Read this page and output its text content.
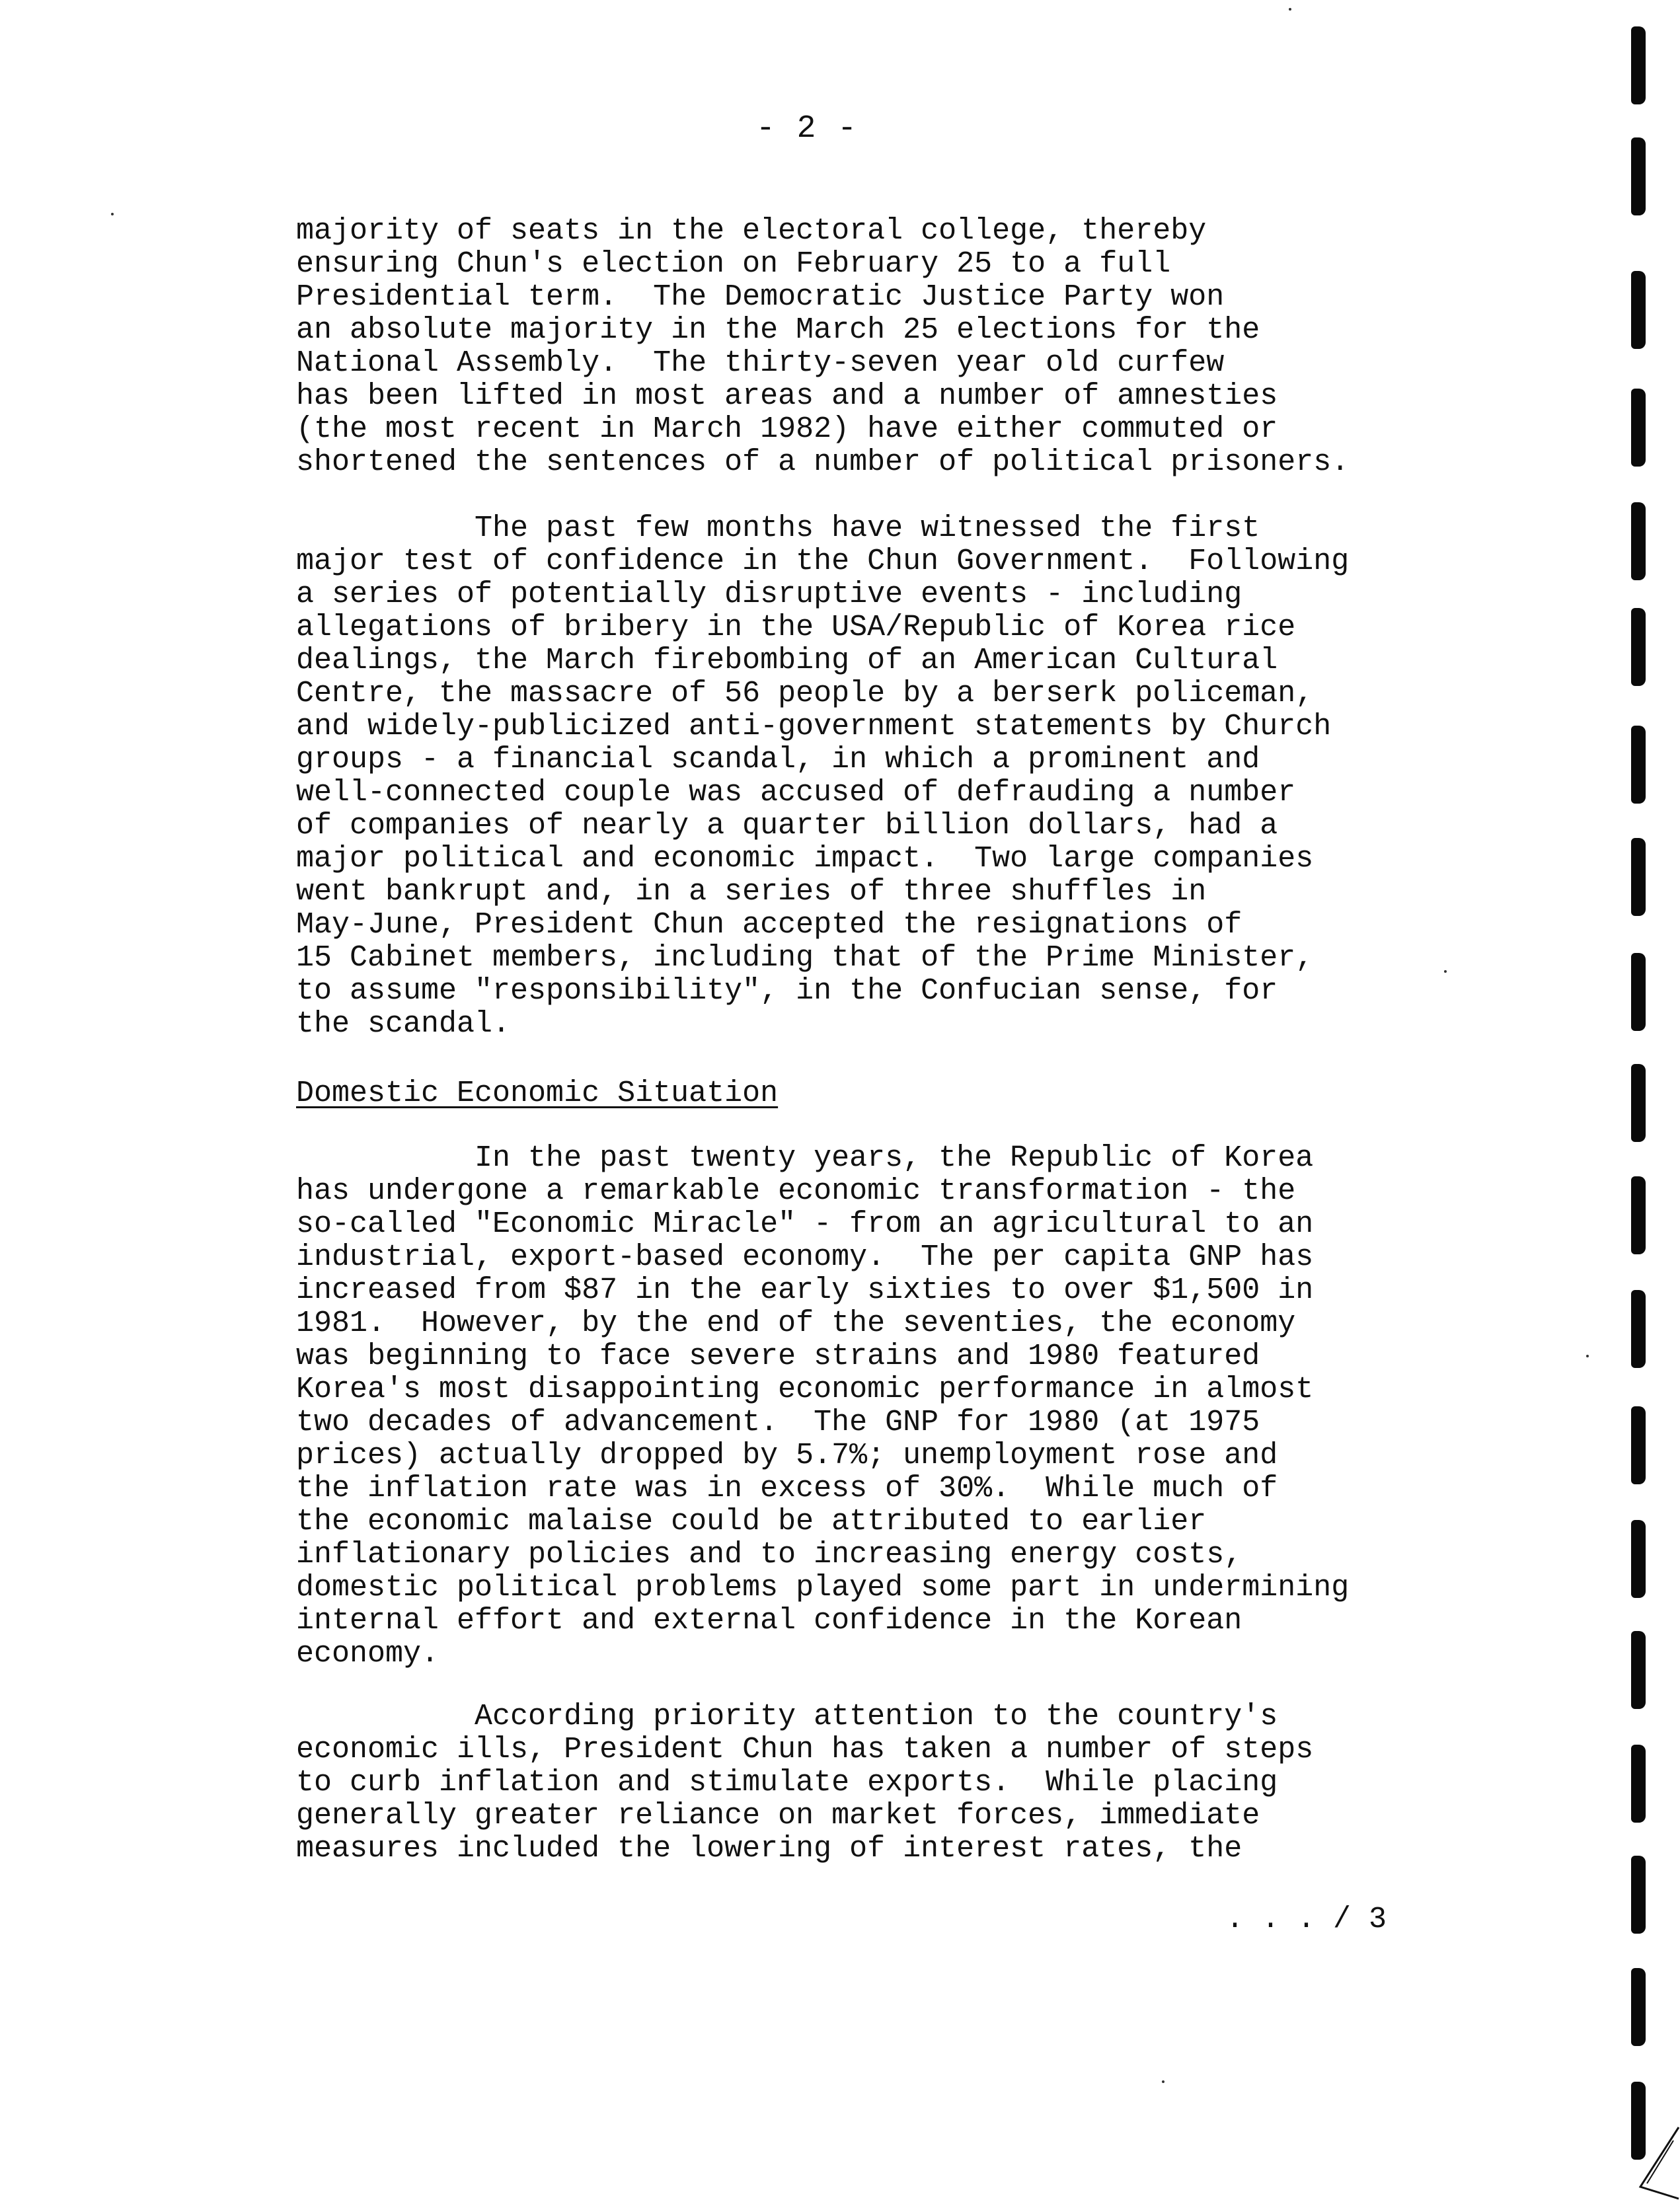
- 2 -
majority of seats in the electoral college, thereby
ensuring Chun's election on February 25 to a full
Presidential term.  The Democratic Justice Party won
an absolute majority in the March 25 elections for the
National Assembly.  The thirty-seven year old curfew
has been lifted in most areas and a number of amnesties
(the most recent in March 1982) have either commuted or
shortened the sentences of a number of political prisoners.
The past few months have witnessed the first
major test of confidence in the Chun Government.  Following
a series of potentially disruptive events - including
allegations of bribery in the USA/Republic of Korea rice
dealings, the March firebombing of an American Cultural
Centre, the massacre of 56 people by a berserk policeman,
and widely-publicized anti-government statements by Church
groups - a financial scandal, in which a prominent and
well-connected couple was accused of defrauding a number
of companies of nearly a quarter billion dollars, had a
major political and economic impact.  Two large companies
went bankrupt and, in a series of three shuffles in
May-June, President Chun accepted the resignations of
15 Cabinet members, including that of the Prime Minister,
to assume "responsibility", in the Confucian sense, for
the scandal.
Domestic Economic Situation
In the past twenty years, the Republic of Korea
has undergone a remarkable economic transformation - the
so-called "Economic Miracle" - from an agricultural to an
industrial, export-based economy.  The per capita GNP has
increased from $87 in the early sixties to over $1,500 in
1981.  However, by the end of the seventies, the economy
was beginning to face severe strains and 1980 featured
Korea's most disappointing economic performance in almost
two decades of advancement.  The GNP for 1980 (at 1975
prices) actually dropped by 5.7%; unemployment rose and
the inflation rate was in excess of 30%.  While much of
the economic malaise could be attributed to earlier
inflationary policies and to increasing energy costs,
domestic political problems played some part in undermining
internal effort and external confidence in the Korean
economy.
According priority attention to the country's
economic ills, President Chun has taken a number of steps
to curb inflation and stimulate exports.  While placing
generally greater reliance on market forces, immediate
measures included the lowering of interest rates, the
. . . / 3
